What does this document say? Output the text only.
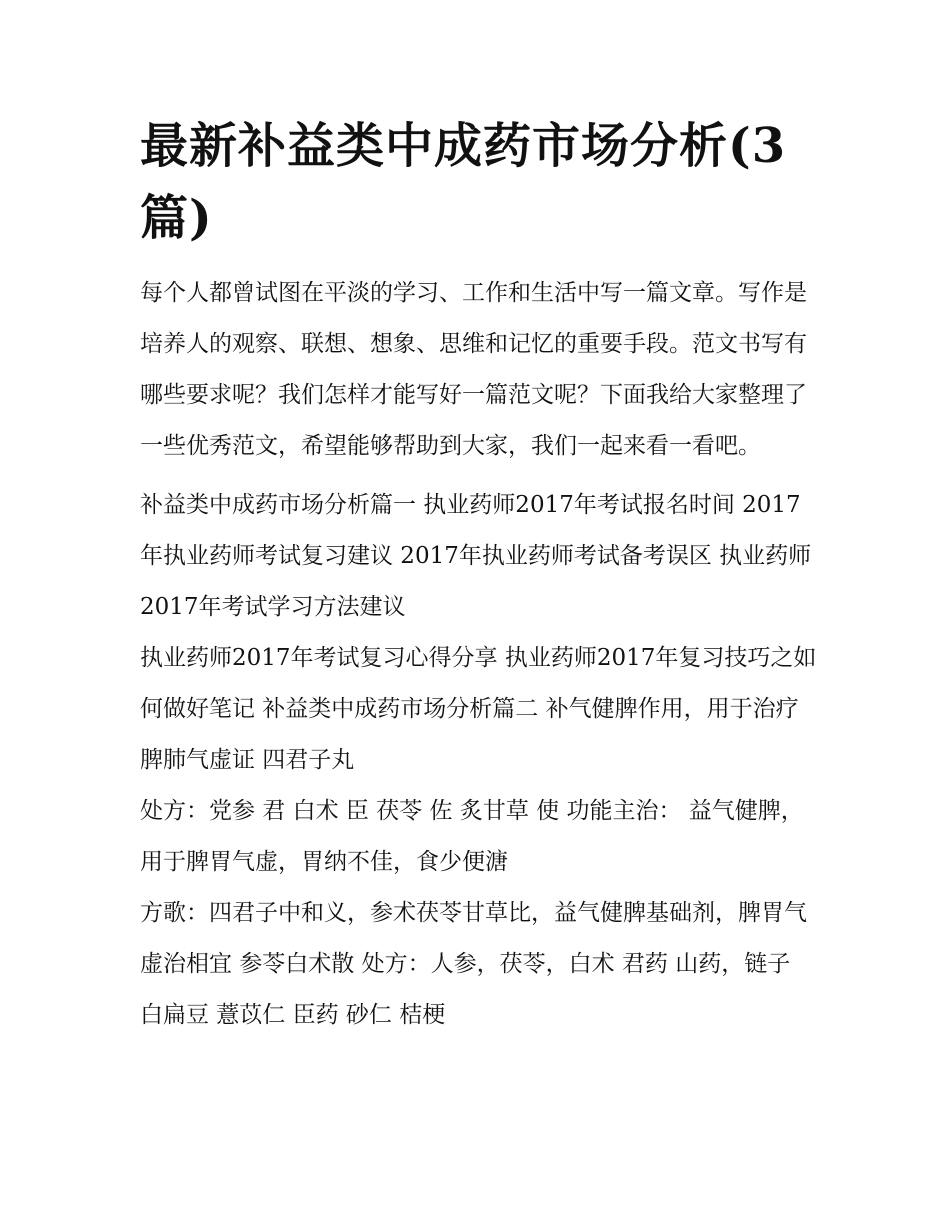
最新补益类中成药市场分析(3篇)

每个人都曾试图在平淡的学习、工作和生活中写一篇文章。写作是培养人的观察、联想、想象、思维和记忆的重要手段。范文书写有哪些要求呢？我们怎样才能写好一篇范文呢？下面我给大家整理了一些优秀范文，希望能够帮助到大家，我们一起来看一看吧。

补益类中成药市场分析篇一 执业药师2017年考试报名时间 2017年执业药师考试复习建议 2017年执业药师考试备考误区 执业药师2017年考试学习方法建议

执业药师2017年考试复习心得分享 执业药师2017年复习技巧之如何做好笔记 补益类中成药市场分析篇二 补气健脾作用，用于治疗脾肺气虚证 四君子丸

处方：党参 君 白术 臣 茯苓 佐 炙甘草 使 功能主治： 益气健脾，用于脾胃气虚，胃纳不佳，食少便溏

方歌：四君子中和义，参术茯苓甘草比，益气健脾基础剂，脾胃气虚治相宜 参苓白术散 处方：人参，茯苓，白术 君药 山药，链子 白扁豆 薏苡仁 臣药 砂仁 桔梗
